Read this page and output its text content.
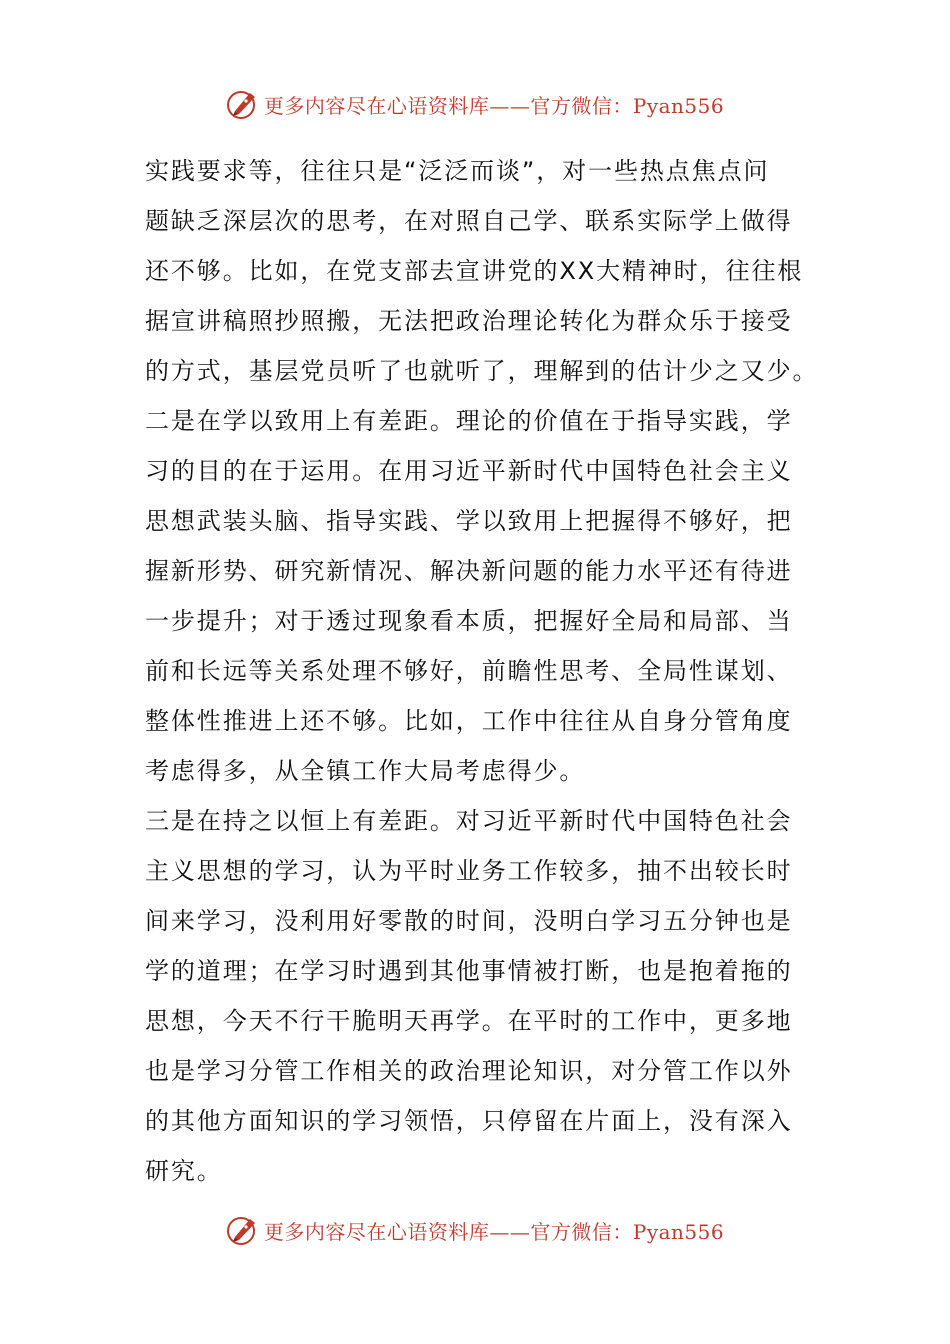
更多内容尽在心语资料库——官方微信：Pyan556
实践要求等，往往只是“泛泛而谈”，对一些热点焦点问
题缺乏深层次的思考，在对照自己学、联系实际学上做得
还不够。比如，在党支部去宣讲党的XX大精神时，往往根
据宣讲稿照抄照搬，无法把政治理论转化为群众乐于接受
的方式，基层党员听了也就听了，理解到的估计少之又少。
二是在学以致用上有差距。理论的价值在于指导实践，学
习的目的在于运用。在用习近平新时代中国特色社会主义
思想武装头脑、指导实践、学以致用上把握得不够好，把
握新形势、研究新情况、解决新问题的能力水平还有待进
一步提升；对于透过现象看本质，把握好全局和局部、当
前和长远等关系处理不够好，前瞻性思考、全局性谋划、
整体性推进上还不够。比如，工作中往往从自身分管角度
考虑得多，从全镇工作大局考虑得少。
三是在持之以恒上有差距。对习近平新时代中国特色社会
主义思想的学习，认为平时业务工作较多，抽不出较长时
间来学习，没利用好零散的时间，没明白学习五分钟也是
学的道理；在学习时遇到其他事情被打断，也是抱着拖的
思想，今天不行干脆明天再学。在平时的工作中，更多地
也是学习分管工作相关的政治理论知识，对分管工作以外
的其他方面知识的学习领悟，只停留在片面上，没有深入
研究。
更多内容尽在心语资料库——官方微信：Pyan556
